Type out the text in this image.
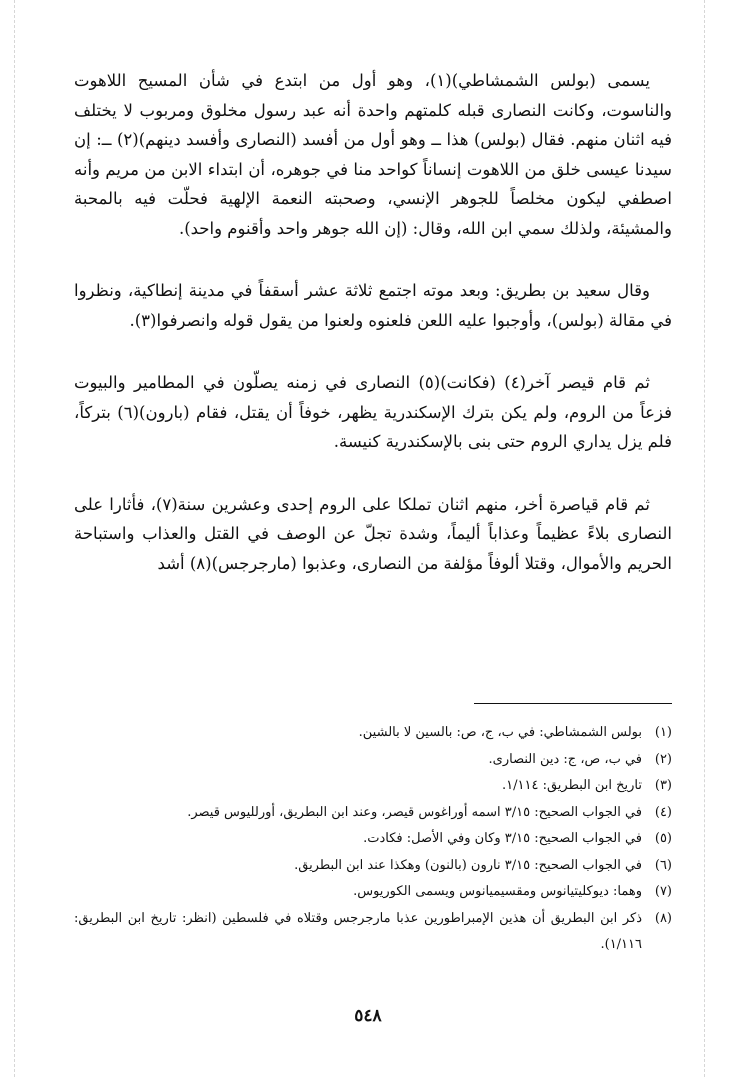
يسمى (بولس الشمشاطي)(١)، وهو أول من ابتدع في شأن المسيح اللاهوت والناسوت، وكانت النصارى قبله كلمتهم واحدة أنه عبد رسول مخلوق ومربوب لا يختلف فيه اثنان منهم. فقال (بولس) هذا ــ وهو أول من أفسد (النصارى وأفسد دينهم)(٢) ــ: إن سيدنا عيسى خلق من اللاهوت إنساناً كواحد منا في جوهره، أن ابتداء الابن من مريم وأنه اصطفي ليكون مخلصاً للجوهر الإنسي، وصحبته النعمة الإلهية فحلّت فيه بالمحبة والمشيئة، ولذلك سمي ابن الله، وقال: (إن الله جوهر واحد وأقنوم واحد).

وقال سعيد بن بطريق: وبعد موته اجتمع ثلاثة عشر أسقفاً في مدينة إنطاكية، ونظروا في مقالة (بولس)، وأوجبوا عليه اللعن فلعنوه ولعنوا من يقول قوله وانصرفوا(٣).

ثم قام قيصر آخر(٤) (فكانت)(٥) النصارى في زمنه يصلّون في المطامير والبيوت فزعاً من الروم، ولم يكن بترك الإسكندرية يظهر، خوفاً أن يقتل، فقام (بارون)(٦) بتركاً، فلم يزل يداري الروم حتى بنى بالإسكندرية كنيسة.

ثم قام قياصرة أخر، منهم اثنان تملكا على الروم إحدى وعشرين سنة(٧)، فأثارا على النصارى بلاءً عظيماً وعذاباً أليماً، وشدة تجلّ عن الوصف في القتل والعذاب واستباحة الحريم والأموال، وقتلا ألوفاً مؤلفة من النصارى، وعذبوا (مارجرجس)(٨) أشد

(١)
بولس الشمشاطي: في ب، ج، ص: بالسين لا بالشين.
(٢)
في ب، ص، ج: دين النصارى.
(٣)
تاريخ ابن البطريق: ١/١١٤.
(٤)
في الجواب الصحيح: ٣/١٥ اسمه أوراغوس قيصر، وعند ابن البطريق، أورلليوس قيصر.
(٥)
في الجواب الصحيح: ٣/١٥ وكان وفي الأصل: فكادت.
(٦)
في الجواب الصحيح: ٣/١٥ نارون (بالنون) وهكذا عند ابن البطريق.
(٧)
وهما: ديوكليتيانوس ومقسيميانوس ويسمى الكوريوس.
(٨)
ذكر ابن البطريق أن هذين الإمبراطورين عذبا مارجرجس وقتلاه في فلسطين (انظر: تاريخ ابن البطريق: ١/١١٦).
٥٤٨
